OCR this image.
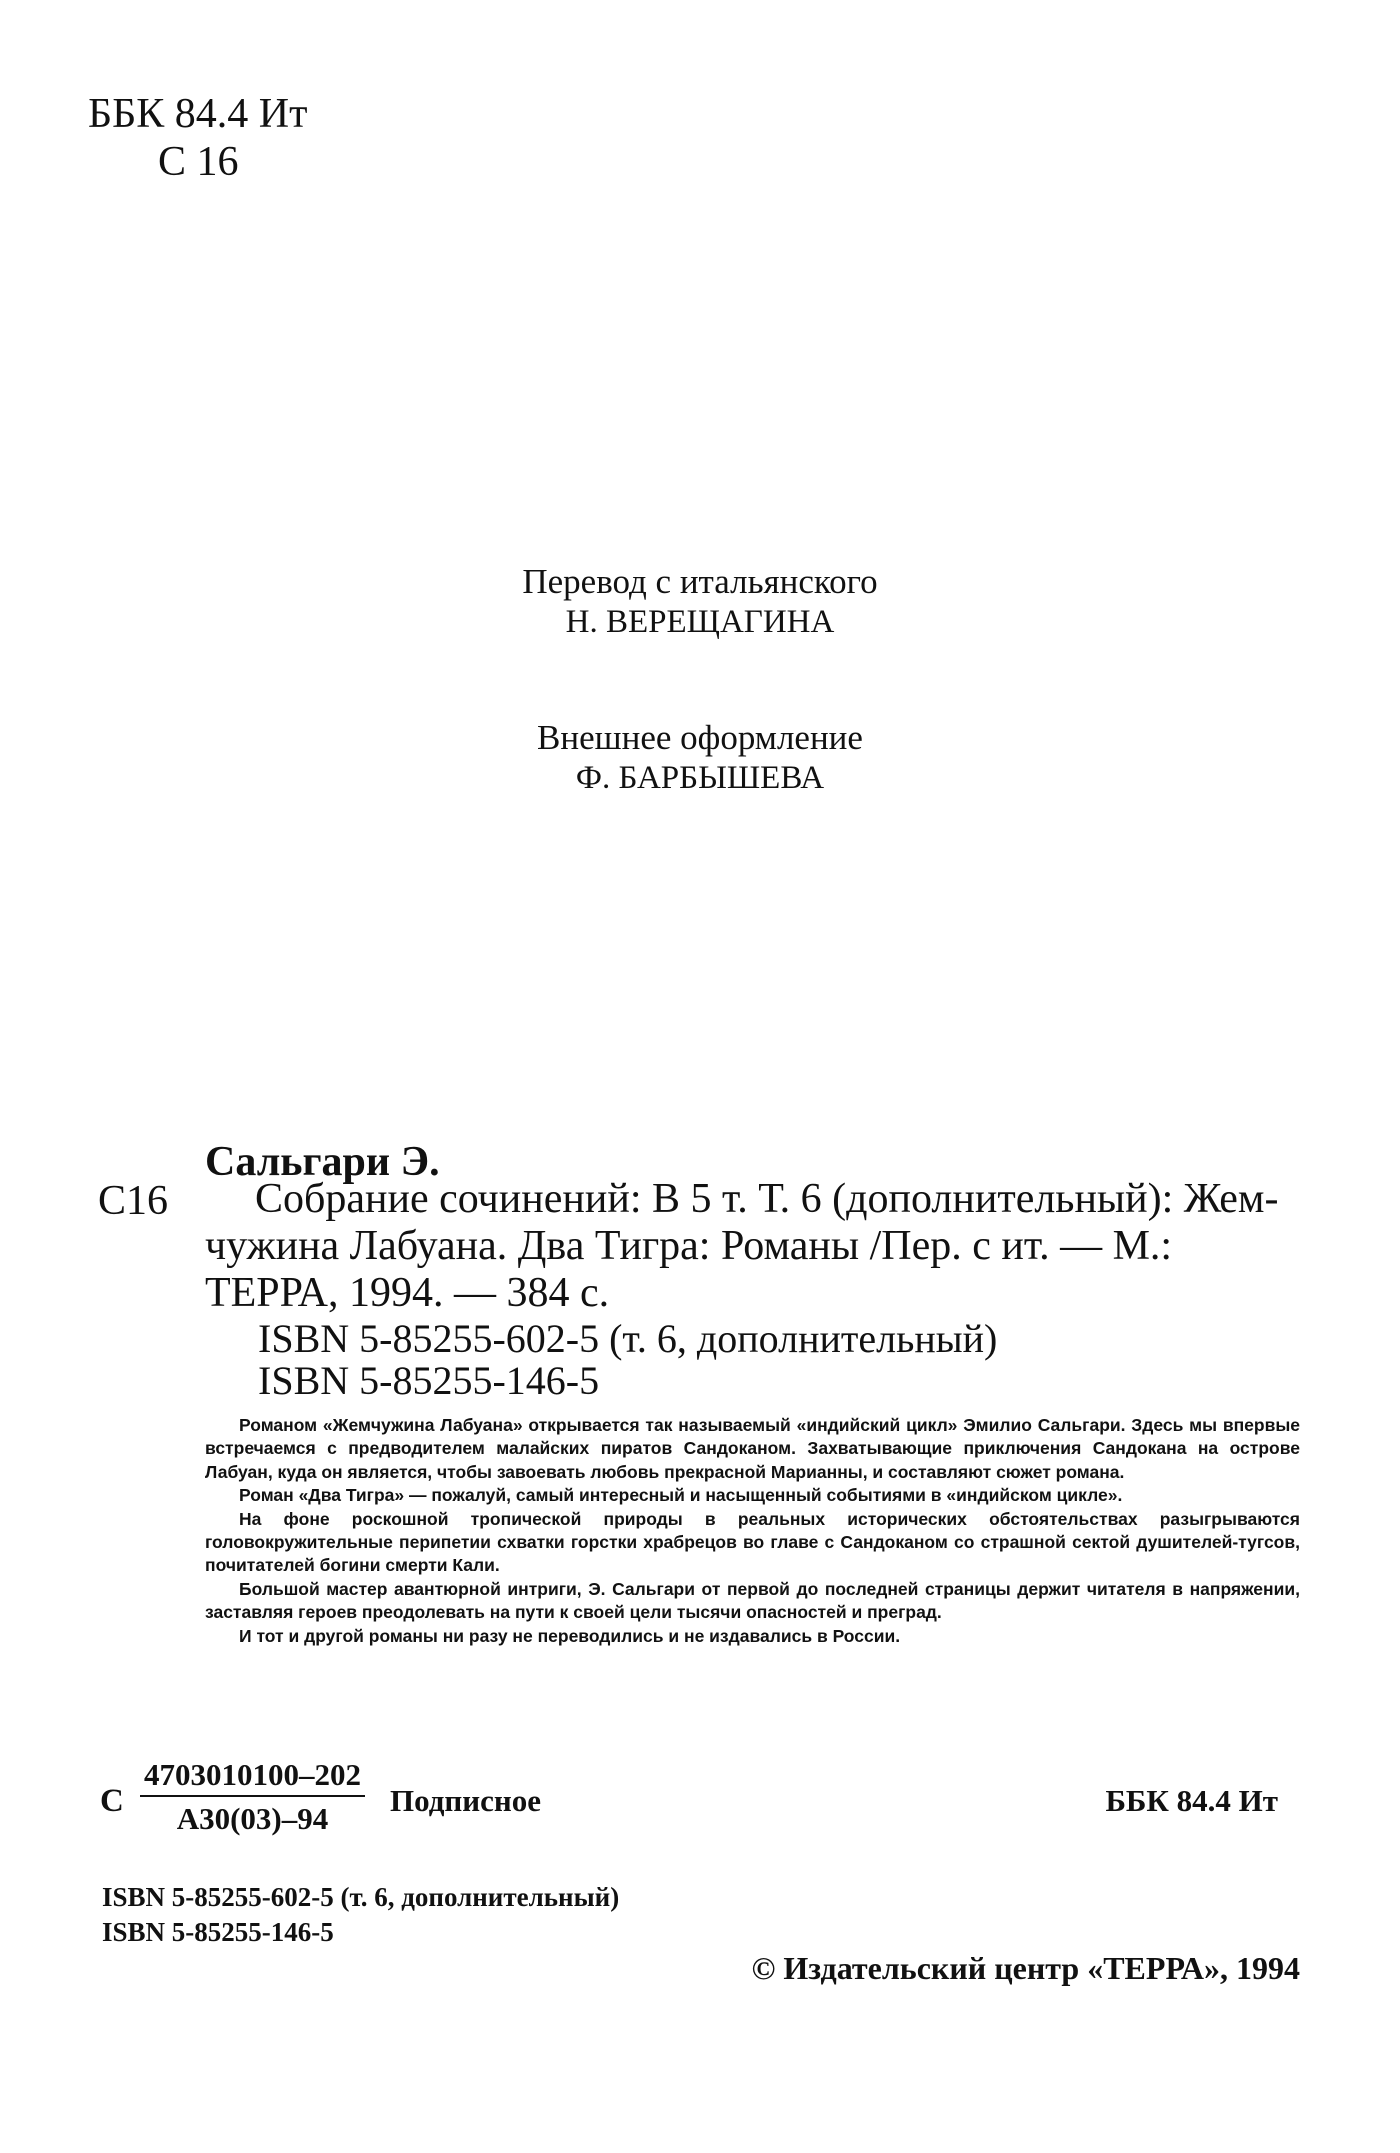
ББК 84.4 Ит
С 16
Перевод с итальянского
Н. ВЕРЕЩАГИНА
Внешнее оформление
Ф. БАРБЫШЕВА
Сальгари Э.
С16 Собрание сочинений: В 5 т. Т. 6 (дополнительный): Жем-
чужина Лабуана. Два Тигра: Романы /Пер. с ит. — М.:
ТЕРРА, 1994. — 384 с.
ISBN 5-85255-602-5 (т. 6, дополнительный)
ISBN 5-85255-146-5

Романом «Жемчужина Лабуана» открывается так называемый «индийский цикл» Эмилио Сальгари. Здесь мы впервые встречаемся с предводителем малайских пиратов Сандоканом. Захватывающие приключения Сандокана на острове Лабуан, куда он является, чтобы завоевать любовь прекрасной Марианны, и составляют сюжет романа.

Роман «Два Тигра» — пожалуй, самый интересный и насыщенный событиями в «индийском цикле».

На фоне роскошной тропической природы в реальных исторических обстоятельствах разыгрываются головокружительные перипетии схватки горстки храбрецов во главе с Сандоканом со страшной сектой душителей-тугсов, почитателей богини смерти Кали.

Большой мастер авантюрной интриги, Э. Сальгари от первой до последней страницы держит читателя в напряжении, заставляя героев преодолевать на пути к своей цели тысячи опасностей и преград.

И тот и другой романы ни разу не переводились и не издавались в России.

С
4703010100–202
А30(03)–94
Подписное	ББК 84.4 Ит
ISBN 5-85255-602-5 (т. 6, дополнительный)
ISBN 5-85255-146-5
© Издательский центр «ТЕРРА», 1994
